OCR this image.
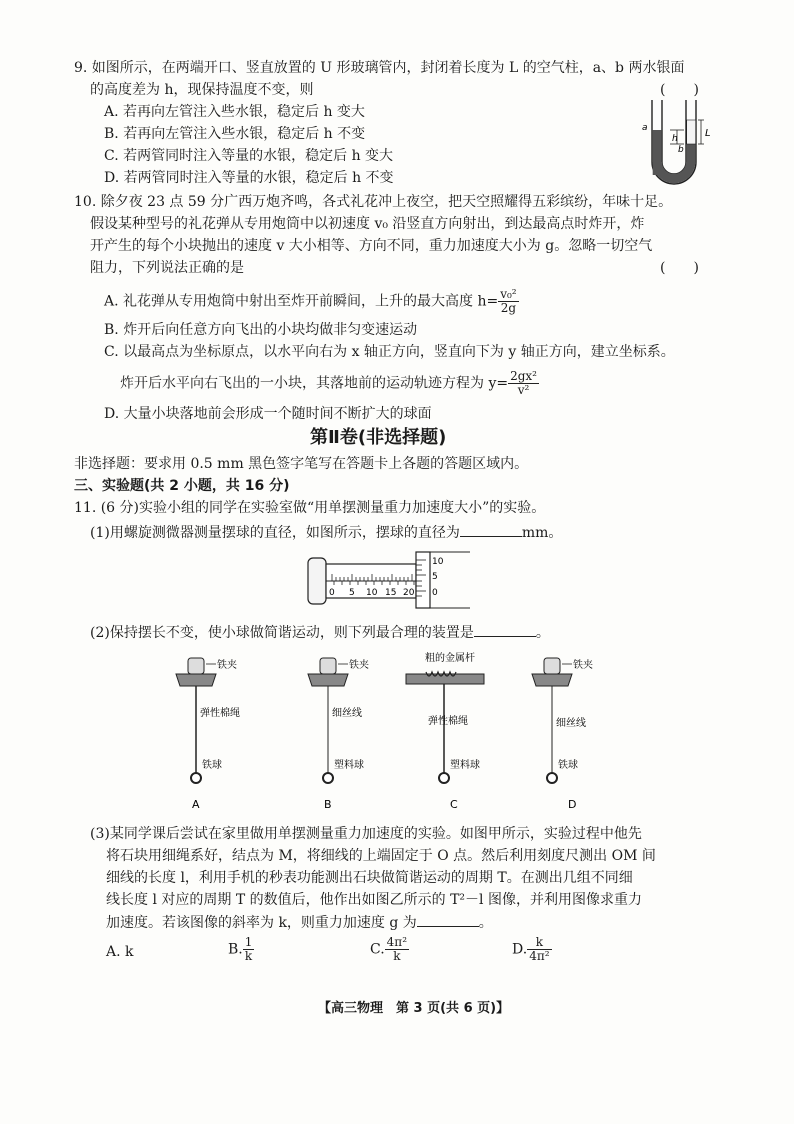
9. 如图所示，在两端开口、竖直放置的 U 形玻璃管内，封闭着长度为 L 的空气柱，a、b 两水银面
的高度差为 h，现保持温度不变，则	(　　)
A. 若再向左管注入些水银，稳定后 h 变大
B. 若再向左管注入些水银，稳定后 h 不变
C. 若两管同时注入等量的水银，稳定后 h 变大
D. 若两管同时注入等量的水银，稳定后 h 不变
a
h
b
L
10. 除夕夜 23 点 59 分广西万炮齐鸣，各式礼花冲上夜空，把天空照耀得五彩缤纷，年味十足。
假设某种型号的礼花弹从专用炮筒中以初速度 v₀ 沿竖直方向射出，到达最高点时炸开，炸
开产生的每个小块抛出的速度 v 大小相等、方向不同，重力加速度大小为 g。忽略一切空气
阻力，下列说法正确的是	(　　)
A. 礼花弹从专用炮筒中射出至炸开前瞬间，上升的最大高度 $h= \frac{\text{v₀²}}{2g}$
B. 炸开后向任意方向飞出的小块均做非匀变速运动
C. 以最高点为坐标原点，以水平向右为 x 轴正方向，竖直向下为 y 轴正方向，建立坐标系。
炸开后水平向右飞出的一小块，其落地前的运动轨迹方程为 $y= \frac{\text{2gx²}}{\text{v²}}$
D. 大量小块落地前会形成一个随时间不断扩大的球面
第Ⅱ卷(非选择题)
非选择题：要求用 0.5 mm 黑色签字笔写在答题卡上各题的答题区域内。
三、实验题(共 2 小题，共 16 分)
11. (6 分)实验小组的同学在实验室做“用单摆测量重力加速度大小”的实验。
(1)用螺旋测微器测量摆球的直径，如图所示，摆球的直径为	mm。
0 5 10 15 20
10
5
0
(2)保持摆长不变，使小球做简谐运动，则下列最合理的装置是	。
铁夹
弹性棉绳
铁球
A
铁夹
细丝线
塑料球
B
粗的金属杆
弹性棉绳
塑料球
C
铁夹
细丝线
铁球
D
(3)某同学课后尝试在家里做用单摆测量重力加速度的实验。如图甲所示，实验过程中他先
将石块用细绳系好，结点为 M，将细线的上端固定于 O 点。然后利用刻度尺测出 OM 间
细线的长度 l，利用手机的秒表功能测出石块做简谐运动的周期 T。在测出几组不同细
线长度 l 对应的周期 T 的数值后，他作出如图乙所示的 T²－l 图像，并利用图像求重力
加速度。若该图像的斜率为 k，则重力加速度 g 为	。
A. k	B. $\frac{1}{k}$	C. $\frac{\text{4π²}}{k}$	D. $\frac{k}{\text{4π²}}$
【高三物理　第 3 页(共 6 页)】
